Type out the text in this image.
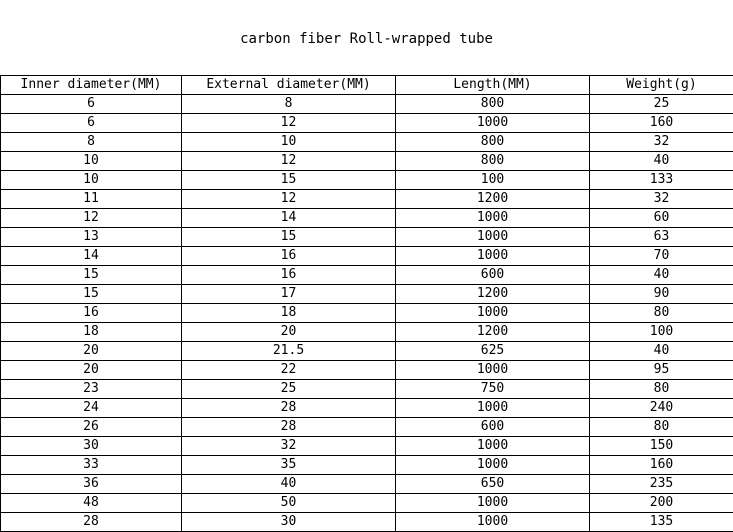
carbon fiber Roll-wrapped tube
Inner diameter(MM)	External diameter(MM)	Length(MM)	Weight(g)
6	8	800	25
6	12	1000	160
8	10	800	32
10	12	800	40
10	15	100	133
11	12	1200	32
12	14	1000	60
13	15	1000	63
14	16	1000	70
15	16	600	40
15	17	1200	90
16	18	1000	80
18	20	1200	100
20	21.5	625	40
20	22	1000	95
23	25	750	80
24	28	1000	240
26	28	600	80
30	32	1000	150
33	35	1000	160
36	40	650	235
48	50	1000	200
28	30	1000	135
